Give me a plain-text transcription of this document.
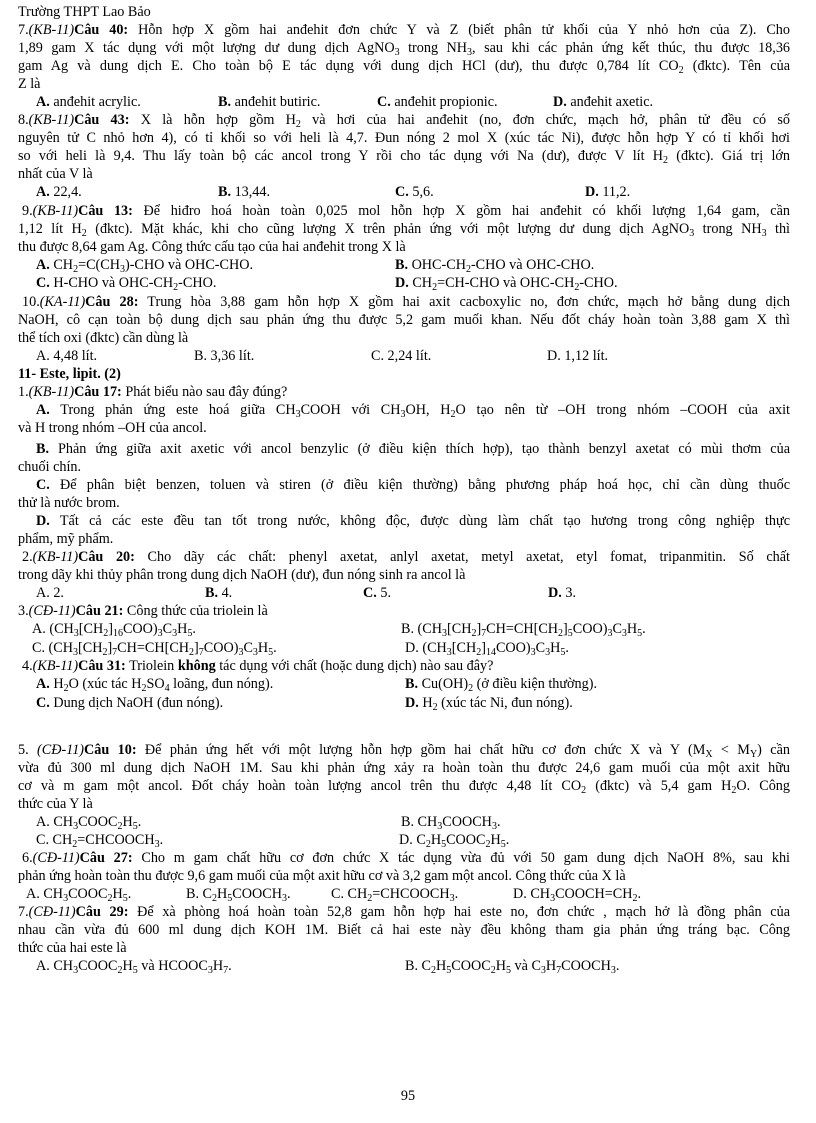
Trường THPT Lao Bảo
7.(KB-11)Câu 40: Hỗn hợp X gồm hai anđehit đơn chức Y và Z (biết phân tử khối của Y nhỏ hơn của Z). Cho
1,89 gam X tác dụng với một lượng dư dung dịch AgNO$_3$ trong $NH_3$, sau khi các phản ứng kết thúc, thu được 18,36
gam Ag và dung dịch E. Cho toàn bộ E tác dụng với dung dịch HCl (dư), thu được 0,784 lít $CO_2$ (đktc). Tên của
Z là
A. anđehit acrylic.	B. anđehit butiric.	C. anđehit propionic.	D. anđehit axetic.
8.(KB-11)Câu 43: X là hỗn hợp gồm $H_2$ và hơi của hai anđehit (no, đơn chức, mạch hở, phân tử đều có số
nguyên tử C nhỏ hơn 4), có tỉ khối so với heli là 4,7. Đun nóng 2 mol X (xúc tác Ni), được hỗn hợp Y có tỉ khối hơi
so với heli là 9,4. Thu lấy toàn bộ các ancol trong Y rồi cho tác dụng với Na (dư), được V lít $H_2$ (đktc). Giá trị lớn
nhất của V là
A. 22,4.	B. 13,44.	C. 5,6.	D. 11,2.
9.(KB-11)Câu 13: Để hiđro hoá hoàn toàn 0,025 mol hỗn hợp X gồm hai anđehit có khối lượng 1,64 gam, cần
1,12 lít $H_2$ (đktc). Mặt khác, khi cho cũng lượng X trên phản ứng với một lượng dư dung dịch AgNO$_3$ trong $NH_3$ thì
thu được 8,64 gam Ag. Công thức cấu tạo của hai anđehit trong X là
A. $CH_2=C(CH_3)$-CHO và OHC-CHO.	B. OHC-$CH_2$-CHO và OHC-CHO.
C. H-CHO và OHC-$CH_2$-CHO.	D. $CH_2=CH$-CHO và OHC-$CH_2$-CHO.
10.(KA-11)Câu 28: Trung hòa 3,88 gam hỗn hợp X gồm hai axit cacboxylic no, đơn chức, mạch hở bằng dung dịch
NaOH, cô cạn toàn bộ dung dịch sau phản ứng thu được 5,2 gam muối khan. Nếu đốt cháy hoàn toàn 3,88 gam X thì
thể tích oxi (đktc) cần dùng là
A. 4,48 lít.	B. 3,36 lít.	C. 2,24 lít.	D. 1,12 lít.
11- Este, lipit. (2)
1.(KB-11)Câu 17: Phát biểu nào sau đây đúng?
A. Trong phản ứng este hoá giữa $CH_3COOH$ với $CH_3OH$, $H_2O$ tạo nên từ –OH trong nhóm –COOH của axit
và H trong nhóm –OH của ancol.
B. Phản ứng giữa axit axetic với ancol benzylic (ở điều kiện thích hợp), tạo thành benzyl axetat có mùi thơm của
chuối chín.
C. Để phân biệt benzen, toluen và stiren (ở điều kiện thường) bằng phương pháp hoá học, chỉ cần dùng thuốc
thử là nước brom.
D. Tất cả các este đều tan tốt trong nước, không độc, được dùng làm chất tạo hương trong công nghiệp thực
phẩm, mỹ phẩm.
2.(KB-11)Câu 20: Cho dãy các chất: phenyl axetat, anlyl axetat, metyl axetat, etyl fomat, tripanmitin. Số chất
trong dãy khi thủy phân trong dung dịch NaOH (dư), đun nóng sinh ra ancol là
A. 2.	B. 4.	C. 5.	D. 3.
3.(CĐ-11)Câu 21: Công thức của triolein là
A. $(CH_3[CH_2]_{16}COO)_3C_3H_5$.	B. $(CH_3[CH_2]_7CH=CH[CH_2]_5COO)_3C_3H_5$.
C. $(CH_3[CH_2]_7CH=CH[CH_2]_7COO)_3C_3H_5$.	D. $(CH_3[CH_2]_{14}COO)_3C_3H_5$.
4.(KB-11)Câu 31: Triolein không tác dụng với chất (hoặc dung dịch) nào sau đây?
A. $H_2O$ (xúc tác $H_2SO_4$ loãng, đun nóng).	B. $Cu(OH)_2$ (ở điều kiện thường).
C. Dung dịch NaOH (đun nóng).	D. $H_2$ (xúc tác Ni, đun nóng).
5. (CĐ-11)Câu 10: Để phản ứng hết với một lượng hỗn hợp gồm hai chất hữu cơ đơn chức X và Y $(M_X < M_Y)$ cần
vừa đủ 300 ml dung dịch NaOH 1M. Sau khi phản ứng xảy ra hoàn toàn thu được 24,6 gam muối của một axit hữu
cơ và m gam một ancol. Đốt cháy hoàn toàn lượng ancol trên thu được 4,48 lít $CO_2$ (đktc) và 5,4 gam $H_2O$. Công
thức của Y là
A. $CH_3COOC_2H_5$.	B. $CH_3COOCH_3$.
C. $CH_2=CHCOOCH_3$.	D. $C_2H_5COOC_2H_5$.
6.(CĐ-11)Câu 27: Cho m gam chất hữu cơ đơn chức X tác dụng vừa đủ với 50 gam dung dịch NaOH 8%, sau khi
phản ứng hoàn toàn thu được 9,6 gam muối của một axit hữu cơ và 3,2 gam một ancol. Công thức của X là
A. $CH_3COOC_2H_5$.	B. $C_2H_5COOCH_3$.	C. $CH_2=CHCOOCH_3$.	D. $CH_3COOCH=CH_2$.
7.(CĐ-11)Câu 29: Để xà phòng hoá hoàn toàn 52,8 gam hỗn hợp hai este no, đơn chức , mạch hở là đồng phân của
nhau cần vừa đủ 600 ml dung dịch KOH 1M. Biết cả hai este này đều không tham gia phản ứng tráng bạc. Công
thức của hai este là
A. $CH_3COOC_2H_5$ và $HCOOC_3H_7$.	B. $C_2H_5COOC_2H_5$ và $C_3H_7COOCH_3$.
95
